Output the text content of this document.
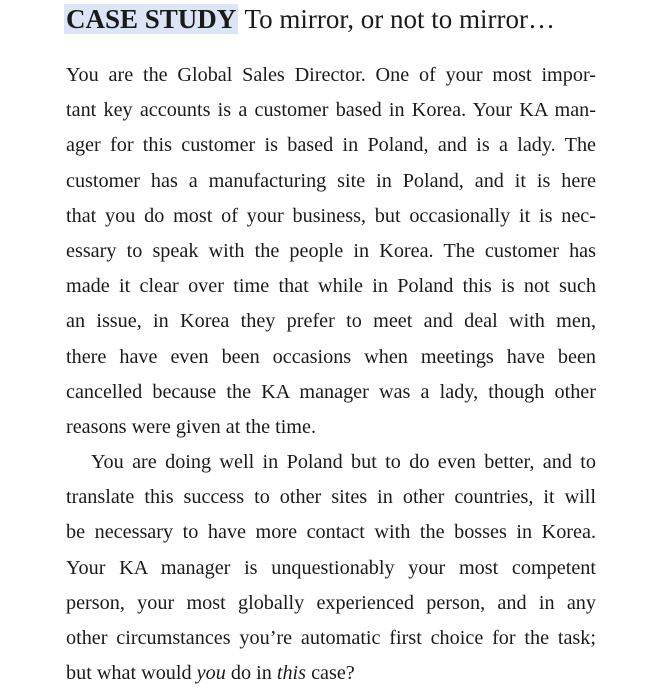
CASE STUDY To mirror, or not to mirror…
You are the Global Sales Director. One of your most impor-
tant key accounts is a customer based in Korea. Your KA man-
ager for this customer is based in Poland, and is a lady. The
customer has a manufacturing site in Poland, and it is here
that you do most of your business, but occasionally it is nec-
essary to speak with the people in Korea. The customer has
made it clear over time that while in Poland this is not such
an issue, in Korea they prefer to meet and deal with men,
there have even been occasions when meetings have been
cancelled because the KA manager was a lady, though other
reasons were given at the time.
You are doing well in Poland but to do even better, and to
translate this success to other sites in other countries, it will
be necessary to have more contact with the bosses in Korea.
Your KA manager is unquestionably your most competent
person, your most globally experienced person, and in any
other circumstances you’re automatic first choice for the task;
but what would you do in this case?
